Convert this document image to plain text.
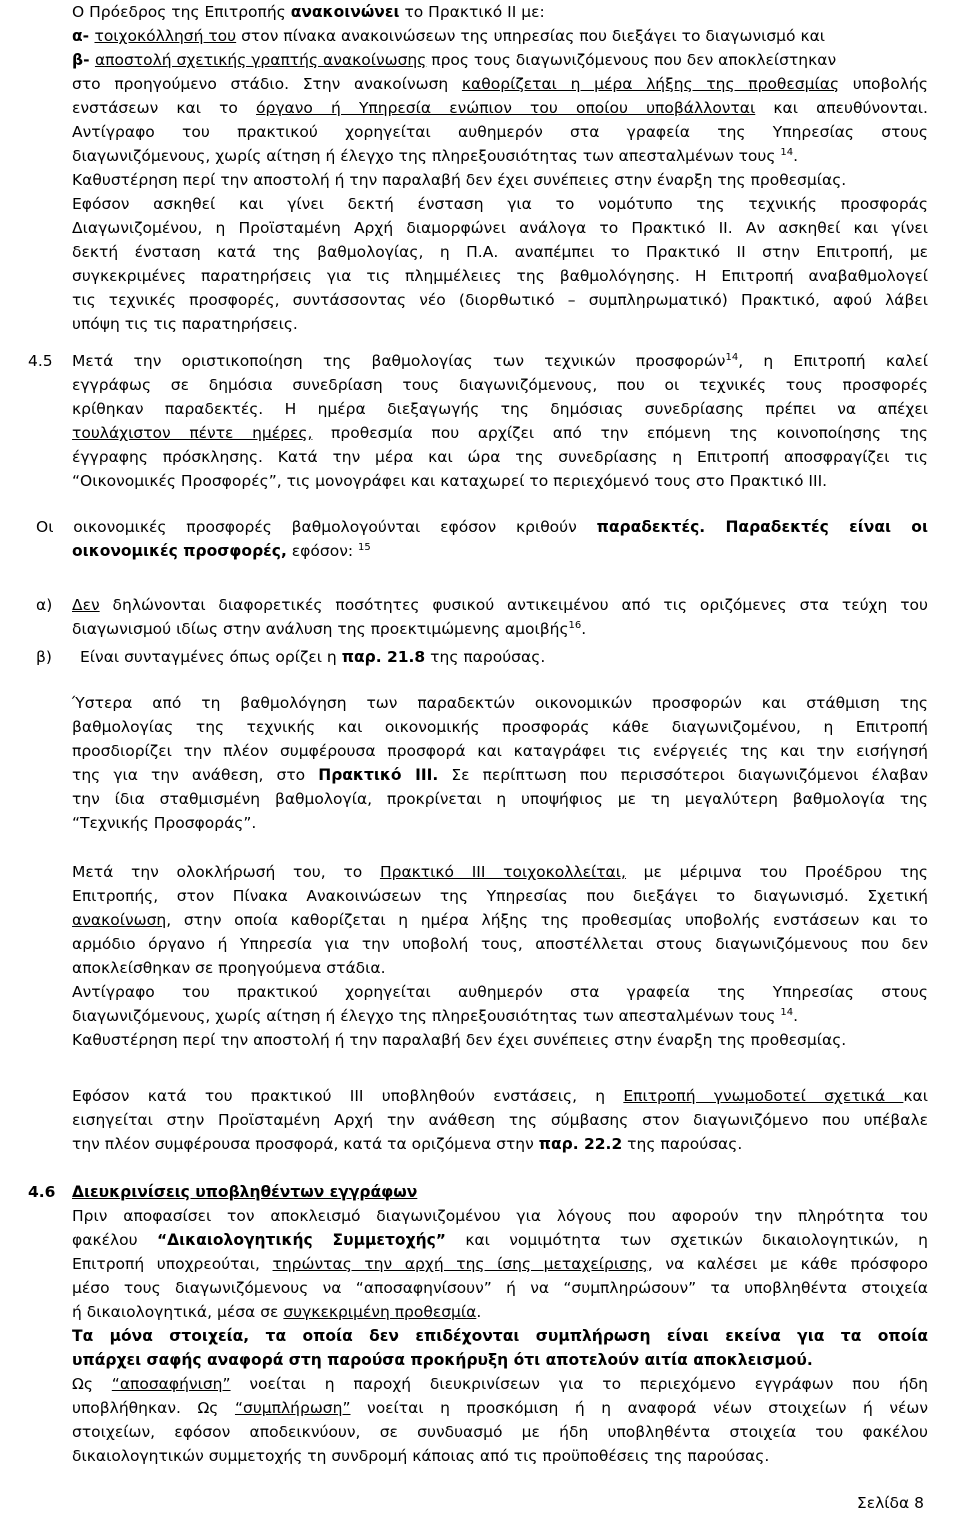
Ο Πρόεδρος της Επιτροπής ανακοινώνει το Πρακτικό ΙΙ με:
α- τοιχοκόλλησή του στον πίνακα ανακοινώσεων της υπηρεσίας που διεξάγει το διαγωνισμό και
β- αποστολή σχετικής γραπτής ανακοίνωσης προς τους διαγωνιζόμενους που δεν αποκλείστηκαν
στο προηγούμενο στάδιο. Στην ανακοίνωση καθορίζεται η μέρα λήξης της προθεσμίας υποβολής
ενστάσεων και το όργανο ή Υπηρεσία ενώπιον του οποίου υποβάλλονται και απευθύνονται.
Αντίγραφο του πρακτικού χορηγείται αυθημερόν στα γραφεία της Υπηρεσίας στους
διαγωνιζόμενους, χωρίς αίτηση ή έλεγχο της πληρεξουσιότητας των απεσταλμένων τους $^{14}$.
Καθυστέρηση περί την αποστολή ή την παραλαβή δεν έχει συνέπειες στην έναρξη της προθεσμίας.
Εφόσον ασκηθεί και γίνει δεκτή ένσταση για το νομότυπο της τεχνικής προσφοράς
Διαγωνιζομένου, η Προϊσταμένη Αρχή διαμορφώνει ανάλογα το Πρακτικό ΙΙ. Αν ασκηθεί και γίνει
δεκτή ένσταση κατά της βαθμολογίας, η Π.Α. αναπέμπει το Πρακτικό ΙΙ στην Επιτροπή, με
συγκεκριμένες παρατηρήσεις για τις πλημμέλειες της βαθμολόγησης. Η Επιτροπή αναβαθμολογεί
τις τεχνικές προσφορές, συντάσσοντας νέο (διορθωτικό – συμπληρωματικό) Πρακτικό, αφού λάβει
υπόψη τις τις παρατηρήσεις.
4.5 Μετά την οριστικοποίηση της βαθμολογίας των τεχνικών προσφορών$^{14}$, η Επιτροπή καλεί
εγγράφως σε δημόσια συνεδρίαση τους διαγωνιζόμενους, που οι τεχνικές τους προσφορές
κρίθηκαν παραδεκτές. Η ημέρα διεξαγωγής της δημόσιας συνεδρίασης πρέπει να απέχει
τουλάχιστον πέντε ημέρες, προθεσμία που αρχίζει από την επόμενη της κοινοποίησης της
έγγραφης πρόσκλησης. Κατά την μέρα και ώρα της συνεδρίασης η Επιτροπή αποσφραγίζει τις
“Οικονομικές Προσφορές”, τις μονογράφει και καταχωρεί το περιεχόμενό τους στο Πρακτικό ΙΙΙ.
Οι οικονομικές προσφορές βαθμολογούνται εφόσον κριθούν παραδεκτές. Παραδεκτές είναι οι
οικονομικές προσφορές, εφόσον: $^{15}$
α) Δεν δηλώνονται διαφορετικές ποσότητες φυσικού αντικειμένου από τις οριζόμενες στα τεύχη του
διαγωνισμού ιδίως στην ανάλυση της προεκτιμώμενης αμοιβής$^{16}$.
β) Είναι συνταγμένες όπως ορίζει η παρ. 21.8 της παρούσας.
Ύστερα από τη βαθμολόγηση των παραδεκτών οικονομικών προσφορών και στάθμιση της
βαθμολογίας της τεχνικής και οικονομικής προσφοράς κάθε διαγωνιζομένου, η Επιτροπή
προσδιορίζει την πλέον συμφέρουσα προσφορά και καταγράφει τις ενέργειές της και την εισήγησή
της για την ανάθεση, στο Πρακτικό ΙΙΙ. Σε περίπτωση που περισσότεροι διαγωνιζόμενοι έλαβαν
την ίδια σταθμισμένη βαθμολογία, προκρίνεται η υποψήφιος με τη μεγαλύτερη βαθμολογία της
“Τεχνικής Προσφοράς”.
Μετά την ολοκλήρωσή του, το Πρακτικό ΙΙΙ τοιχοκολλείται, με μέριμνα του Προέδρου της
Επιτροπής, στον Πίνακα Ανακοινώσεων της Υπηρεσίας που διεξάγει το διαγωνισμό. Σχετική
ανακοίνωση, στην οποία καθορίζεται η ημέρα λήξης της προθεσμίας υποβολής ενστάσεων και το
αρμόδιο όργανο ή Υπηρεσία για την υποβολή τους, αποστέλλεται στους διαγωνιζόμενους που δεν
αποκλείσθηκαν σε προηγούμενα στάδια.
Αντίγραφο του πρακτικού χορηγείται αυθημερόν στα γραφεία της Υπηρεσίας στους
διαγωνιζόμενους, χωρίς αίτηση ή έλεγχο της πληρεξουσιότητας των απεσταλμένων τους $^{14}$.
Καθυστέρηση περί την αποστολή ή την παραλαβή δεν έχει συνέπειες στην έναρξη της προθεσμίας.
Εφόσον κατά του πρακτικού ΙΙΙ υποβληθούν ενστάσεις, η Επιτροπή γνωμοδοτεί σχετικά και
εισηγείται στην Προϊσταμένη Αρχή την ανάθεση της σύμβασης στον διαγωνιζόμενο που υπέβαλε
την πλέον συμφέρουσα προσφορά, κατά τα οριζόμενα στην παρ. 22.2 της παρούσας.
4.6 Διευκρινίσεις υποβληθέντων εγγράφων
Πριν αποφασίσει τον αποκλεισμό διαγωνιζομένου για λόγους που αφορούν την πληρότητα του
φακέλου “Δικαιολογητικής Συμμετοχής” και νομιμότητα των σχετικών δικαιολογητικών, η
Επιτροπή υποχρεούται, τηρώντας την αρχή της ίσης μεταχείρισης, να καλέσει με κάθε πρόσφορο
μέσο τους διαγωνιζόμενους να “αποσαφηνίσουν” ή να “συμπληρώσουν” τα υποβληθέντα στοιχεία
ή δικαιολογητικά, μέσα σε συγκεκριμένη προθεσμία.
Τα μόνα στοιχεία, τα οποία δεν επιδέχονται συμπλήρωση είναι εκείνα για τα οποία
υπάρχει σαφής αναφορά στη παρούσα προκήρυξη ότι αποτελούν αιτία αποκλεισμού.
Ως “αποσαφήνιση” νοείται η παροχή διευκρινίσεων για το περιεχόμενο εγγράφων που ήδη
υποβλήθηκαν. Ως “συμπλήρωση” νοείται η προσκόμιση ή η αναφορά νέων στοιχείων ή νέων
στοιχείων, εφόσον αποδεικνύουν, σε συνδυασμό με ήδη υποβληθέντα στοιχεία του φακέλου
δικαιολογητικών συμμετοχής τη συνδρομή κάποιας από τις προϋποθέσεις της παρούσας.
Σελίδα 8
